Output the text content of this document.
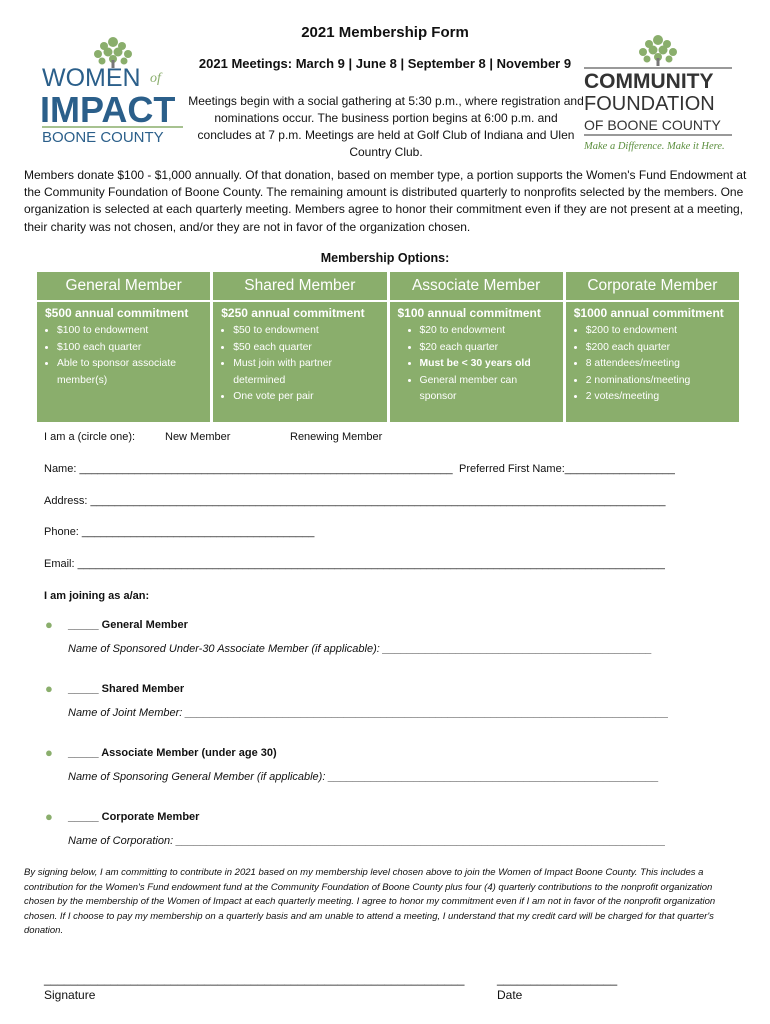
WOMEN of
IMPACT
BOONE COUNTY
COMMUNITY
FOUNDATION
OF BOONE COUNTY
Make a Difference. Make it Here.
2021 Membership Form
2021 Meetings: March 9 | June 8 | September 8 | November 9
Meetings begin with a social gathering at 5:30 p.m., where registration and nominations occur. The business portion begins at 6:00 p.m. and concludes at 7 p.m. Meetings are held at Golf Club of Indiana and Ulen Country Club.
Members donate $100 - $1,000 annually. Of that donation, based on member type, a portion supports the Women's Fund Endowment at the Community Foundation of Boone County. The remaining amount is distributed quarterly to nonprofits selected by the members. One organization is selected at each quarterly meeting. Members agree to honor their commitment even if they are not present at a meeting, their charity was not chosen, and/or they are not in favor of the organization chosen.
Membership Options:
General Member
$500 annual commitment
• $100 to endowment
• $100 each quarter
• Able to sponsor associate member(s)
Shared Member
$250 annual commitment
• $50 to endowment
• $50 each quarter
• Must join with partner determined
• One vote per pair
Associate Member
$100 annual commitment
• $20 to endowment
• $20 each quarter
• Must be < 30 years old
• General member can sponsor
Corporate Member
$1000 annual commitment
• $200 to endowment
• $200 each quarter
• 8 attendees/meeting
• 2 nominations/meeting
• 2 votes/meeting
I am a (circle one):	New Member	Renewing Member
Name: _____________________________________________________________ Preferred First Name:__________________
Address: ______________________________________________________________________________________________
Phone: ______________________________________
Email: ________________________________________________________________________________________________
I am joining as a/an:
● _____ General Member
Name of Sponsored Under-30 Associate Member (if applicable): ____________________________________________
● _____ Shared Member
Name of Joint Member: _______________________________________________________________________________
● _____ Associate Member (under age 30)
Name of Sponsoring General Member (if applicable): ______________________________________________________
● _____ Corporate Member
Name of Corporation: ________________________________________________________________________________
By signing below, I am committing to contribute in 2021 based on my membership level chosen above to join the Women of Impact Boone County. This includes a contribution for the Women's Fund endowment fund at the Community Foundation of Boone County plus four (4) quarterly contributions to the nonprofit organization chosen by the membership of the Women of Impact at each quarterly meeting. I agree to honor my commitment even if I am not in favor of the nonprofit organization chosen. If I choose to pay my membership on a quarterly basis and am unable to attend a meeting, I understand that my credit card will be charged for that quarter's donation.
_______________________________________________________________
Signature
__________________
Date
